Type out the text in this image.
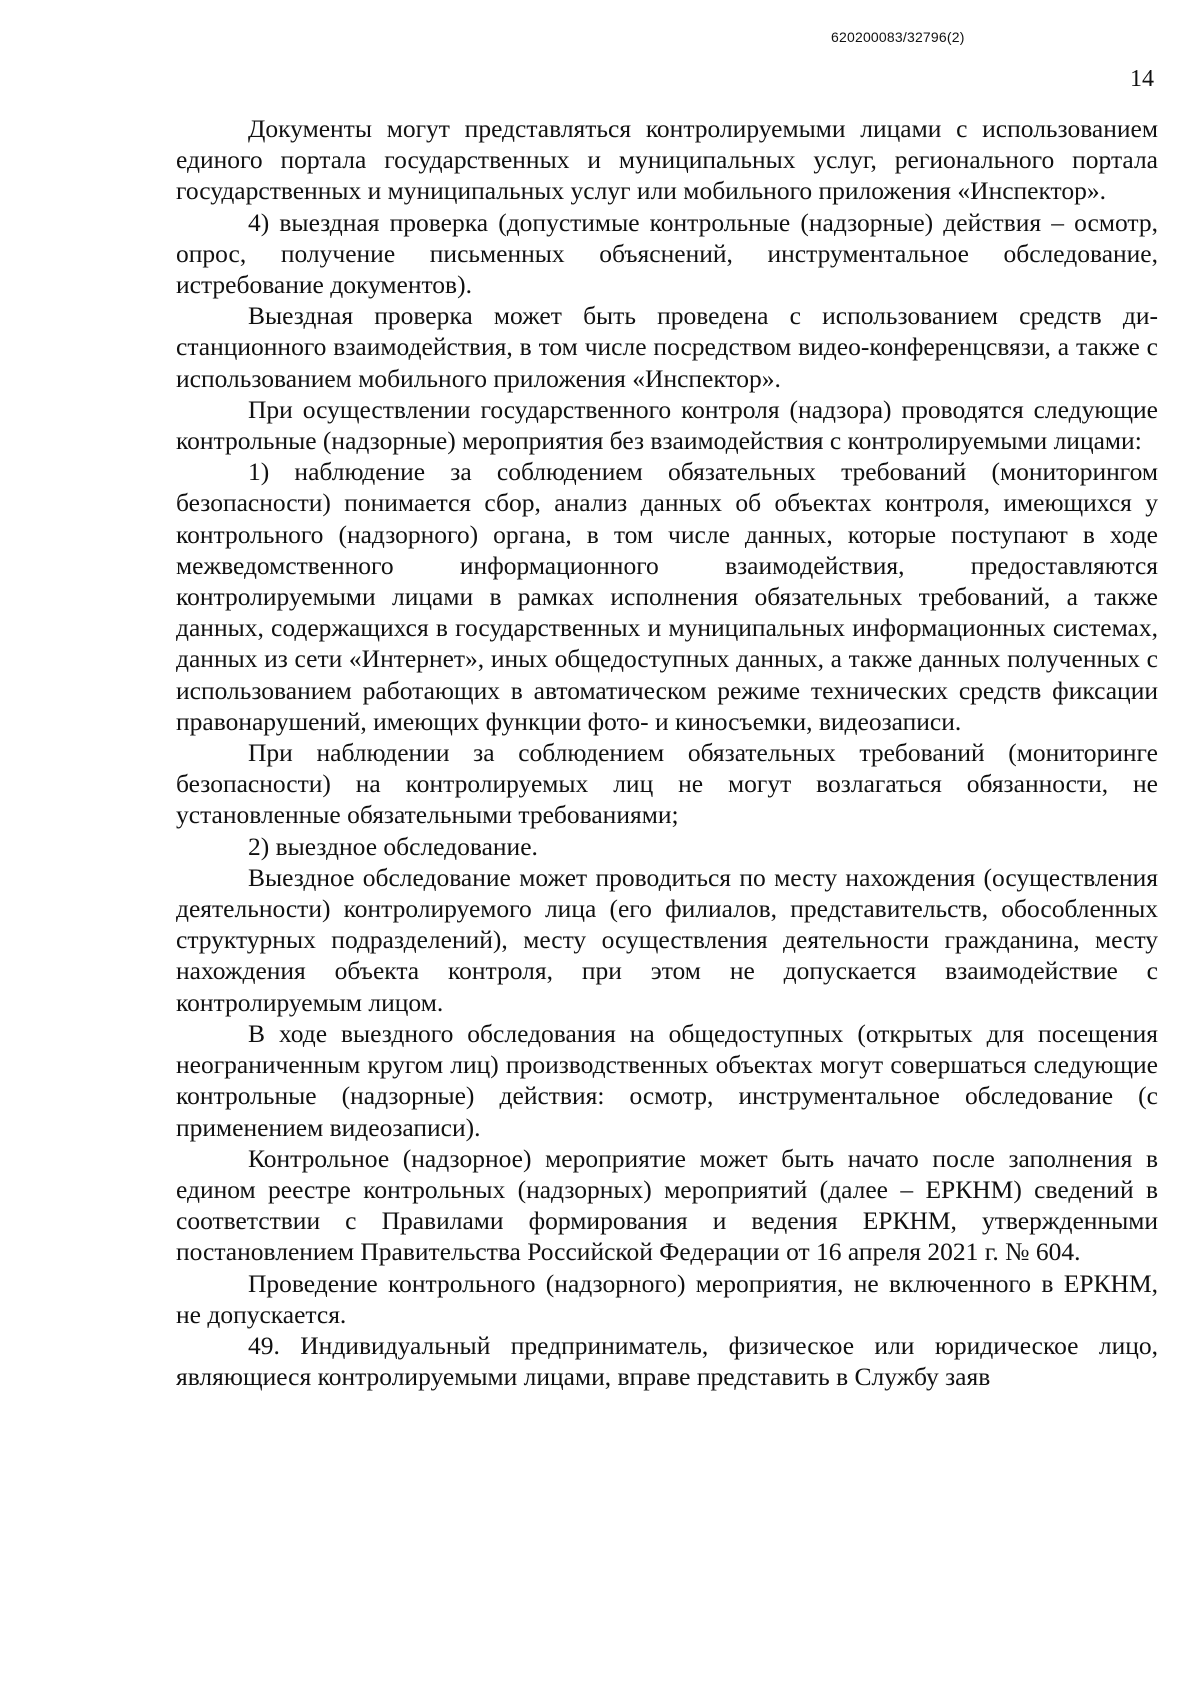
620200083/32796(2)
14

Документы могут представляться контролируемыми лицами с использованием единого портала государственных и муниципальных услуг, регионального портала государственных и муниципальных услуг или мобильного приложения «Инспектор».

4) выездная проверка (допустимые контрольные (надзорные) действия – осмотр, опрос, получение письменных объяснений, инструментальное обследование, истребование документов).

Выездная проверка может быть проведена с использованием средств дистанционного взаимодействия, в том числе посредством видео-конференцсвязи, а также с использованием мобильного приложения «Инспектор».

При осуществлении государственного контроля (надзора) проводятся следующие контрольные (надзорные) мероприятия без взаимодействия с контролируемыми лицами:

1) наблюдение за соблюдением обязательных требований (мониторингом безопасности) понимается сбор, анализ данных об объектах контроля, имеющихся у контрольного (надзорного) органа, в том числе данных, которые поступают в ходе межведомственного информационного взаимодействия, предоставляются контролируемыми лицами в рамках исполнения обязательных требований, а также данных, содержащихся в государственных и муниципальных информационных системах, данных из сети «Интернет», иных общедоступных данных, а также данных полученных с использованием работающих в автоматическом режиме технических средств фиксации правонарушений, имеющих функции фото- и киносъемки, видеозаписи.

При наблюдении за соблюдением обязательных требований (мониторинге безопасности) на контролируемых лиц не могут возлагаться обязанности, не установленные обязательными требованиями;

2) выездное обследование.

Выездное обследование может проводиться по месту нахождения (осуществления деятельности) контролируемого лица (его филиалов, представительств, обособленных структурных подразделений), месту осуществления деятельности гражданина, месту нахождения объекта контроля, при этом не допускается взаимодействие с контролируемым лицом.

В ходе выездного обследования на общедоступных (открытых для посещения неограниченным кругом лиц) производственных объектах могут совершаться следующие контрольные (надзорные) действия: осмотр, инструментальное обследование (с применением видеозаписи).

Контрольное (надзорное) мероприятие может быть начато после заполнения в едином реестре контрольных (надзорных) мероприятий (далее – ЕРКНМ) сведений в соответствии с Правилами формирования и ведения ЕРКНМ, утвержденными постановлением Правительства Российской Федерации от 16 апреля 2021 г. № 604.

Проведение контрольного (надзорного) мероприятия, не включенного в ЕРКНМ, не допускается.

49. Индивидуальный предприниматель, физическое или юридическое лицо, являющиеся контролируемыми лицами, вправе представить в Службу заяв
